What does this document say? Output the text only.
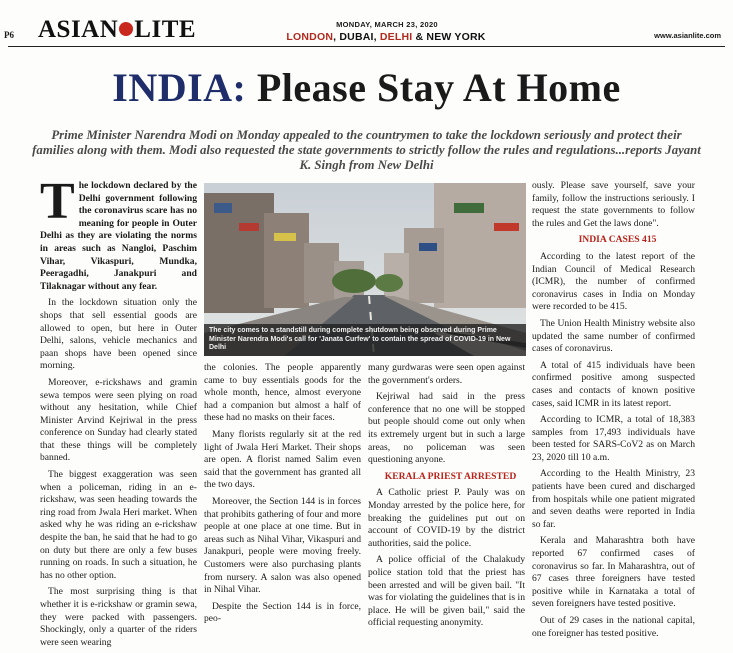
P6 ASIAN LITE	MONDAY, MARCH 23, 2020
LONDON, DUBAI, DELHI & NEW YORK	www.asianlite.com
INDIA: Please Stay At Home
Prime Minister Narendra Modi on Monday appealed to the countrymen to take the lockdown seriously and protect their families along with them. Modi also requested the state governments to strictly follow the rules and regulations...reports Jayant K. Singh from New Delhi
The city comes to a standstill during complete shutdown being observed during Prime Minister Narendra Modi's call for 'Janata Curfew' to contain the spread of COVID-19 in New Delhi

The lockdown declared by the Delhi government following the coronavirus scare has no meaning for people in Outer Delhi as they are violating the norms in areas such as Nangloi, Paschim Vihar, Vikaspuri, Mundka, Peeragadhi, Janakpuri and Tilaknagar without any fear.

In the lockdown situation only the shops that sell essential goods are allowed to open, but here in Outer Delhi, salons, vehicle mechanics and paan shops have been opened since morning.

Moreover, e-rickshaws and gramin sewa tempos were seen plying on road without any hesitation, while Chief Minister Arvind Kejriwal in the press conference on Sunday had clearly stated that these things will be completely banned.

The biggest exaggeration was seen when a policeman, riding in an e-rickshaw, was seen heading towards the ring road from Jwala Heri market. When asked why he was riding an e-rickshaw despite the ban, he said that he had to go on duty but there are only a few buses running on roads. In such a situation, he has no other option.

The most surprising thing is that whether it is e-rickshaw or gramin sewa, they were packed with passengers. Shockingly, only a quarter of the riders were seen wearing

the colonies. The people apparently came to buy essentials goods for the whole month, hence, almost everyone had a companion but almost a half of these had no masks on their faces.

Many florists regularly sit at the red light of Jwala Heri Market. Their shops are open. A florist named Salim even said that the government has granted all the two days.

Moreover, the Section 144 is in forces that prohibits gathering of four and more people at one place at one time. But in areas such as Nihal Vihar, Vikaspuri and Janakpuri, people were moving freely. Customers were also purchasing plants from nursery. A salon was also opened in Nihal Vihar.

Despite the Section 144 is in force, peo-

many gurdwaras were seen open against the government's orders.

Kejriwal had said in the press conference that no one will be stopped but people should come out only when its extremely urgent but in such a large areas, no policeman was seen questioning anyone.

KERALA PRIEST ARRESTED

A Catholic priest P. Pauly was on Monday arrested by the police here, for breaking the guidelines put out on account of COVID-19 by the district authorities, said the police.

A police official of the Chalakudy police station told that the priest has been arrested and will be given bail. "It was for violating the guidelines that is in place. He will be given bail," said the official requesting anonymity.

ously. Please save yourself, save your family, follow the instructions seriously. I request the state governments to follow the rules and Get the laws done".

INDIA CASES 415

According to the latest report of the Indian Council of Medical Research (ICMR), the number of confirmed coronavirus cases in India on Monday were recorded to be 415.

The Union Health Ministry website also updated the same number of confirmed cases of coronavirus.

A total of 415 individuals have been confirmed positive among suspected cases and contacts of known positive cases, said ICMR in its latest report.

According to ICMR, a total of 18,383 samples from 17,493 individuals have been tested for SARS-CoV2 as on March 23, 2020 till 10 a.m.

According to the Health Ministry, 23 patients have been cured and discharged from hospitals while one patient migrated and seven deaths were reported in India so far.

Kerala and Maharashtra both have reported 67 confirmed cases of coronavirus so far. In Maharashtra, out of 67 cases three foreigners have tested positive while in Karnataka a total of seven foreigners have tested positive.

Out of 29 cases in the national capital, one foreigner has tested positive.
